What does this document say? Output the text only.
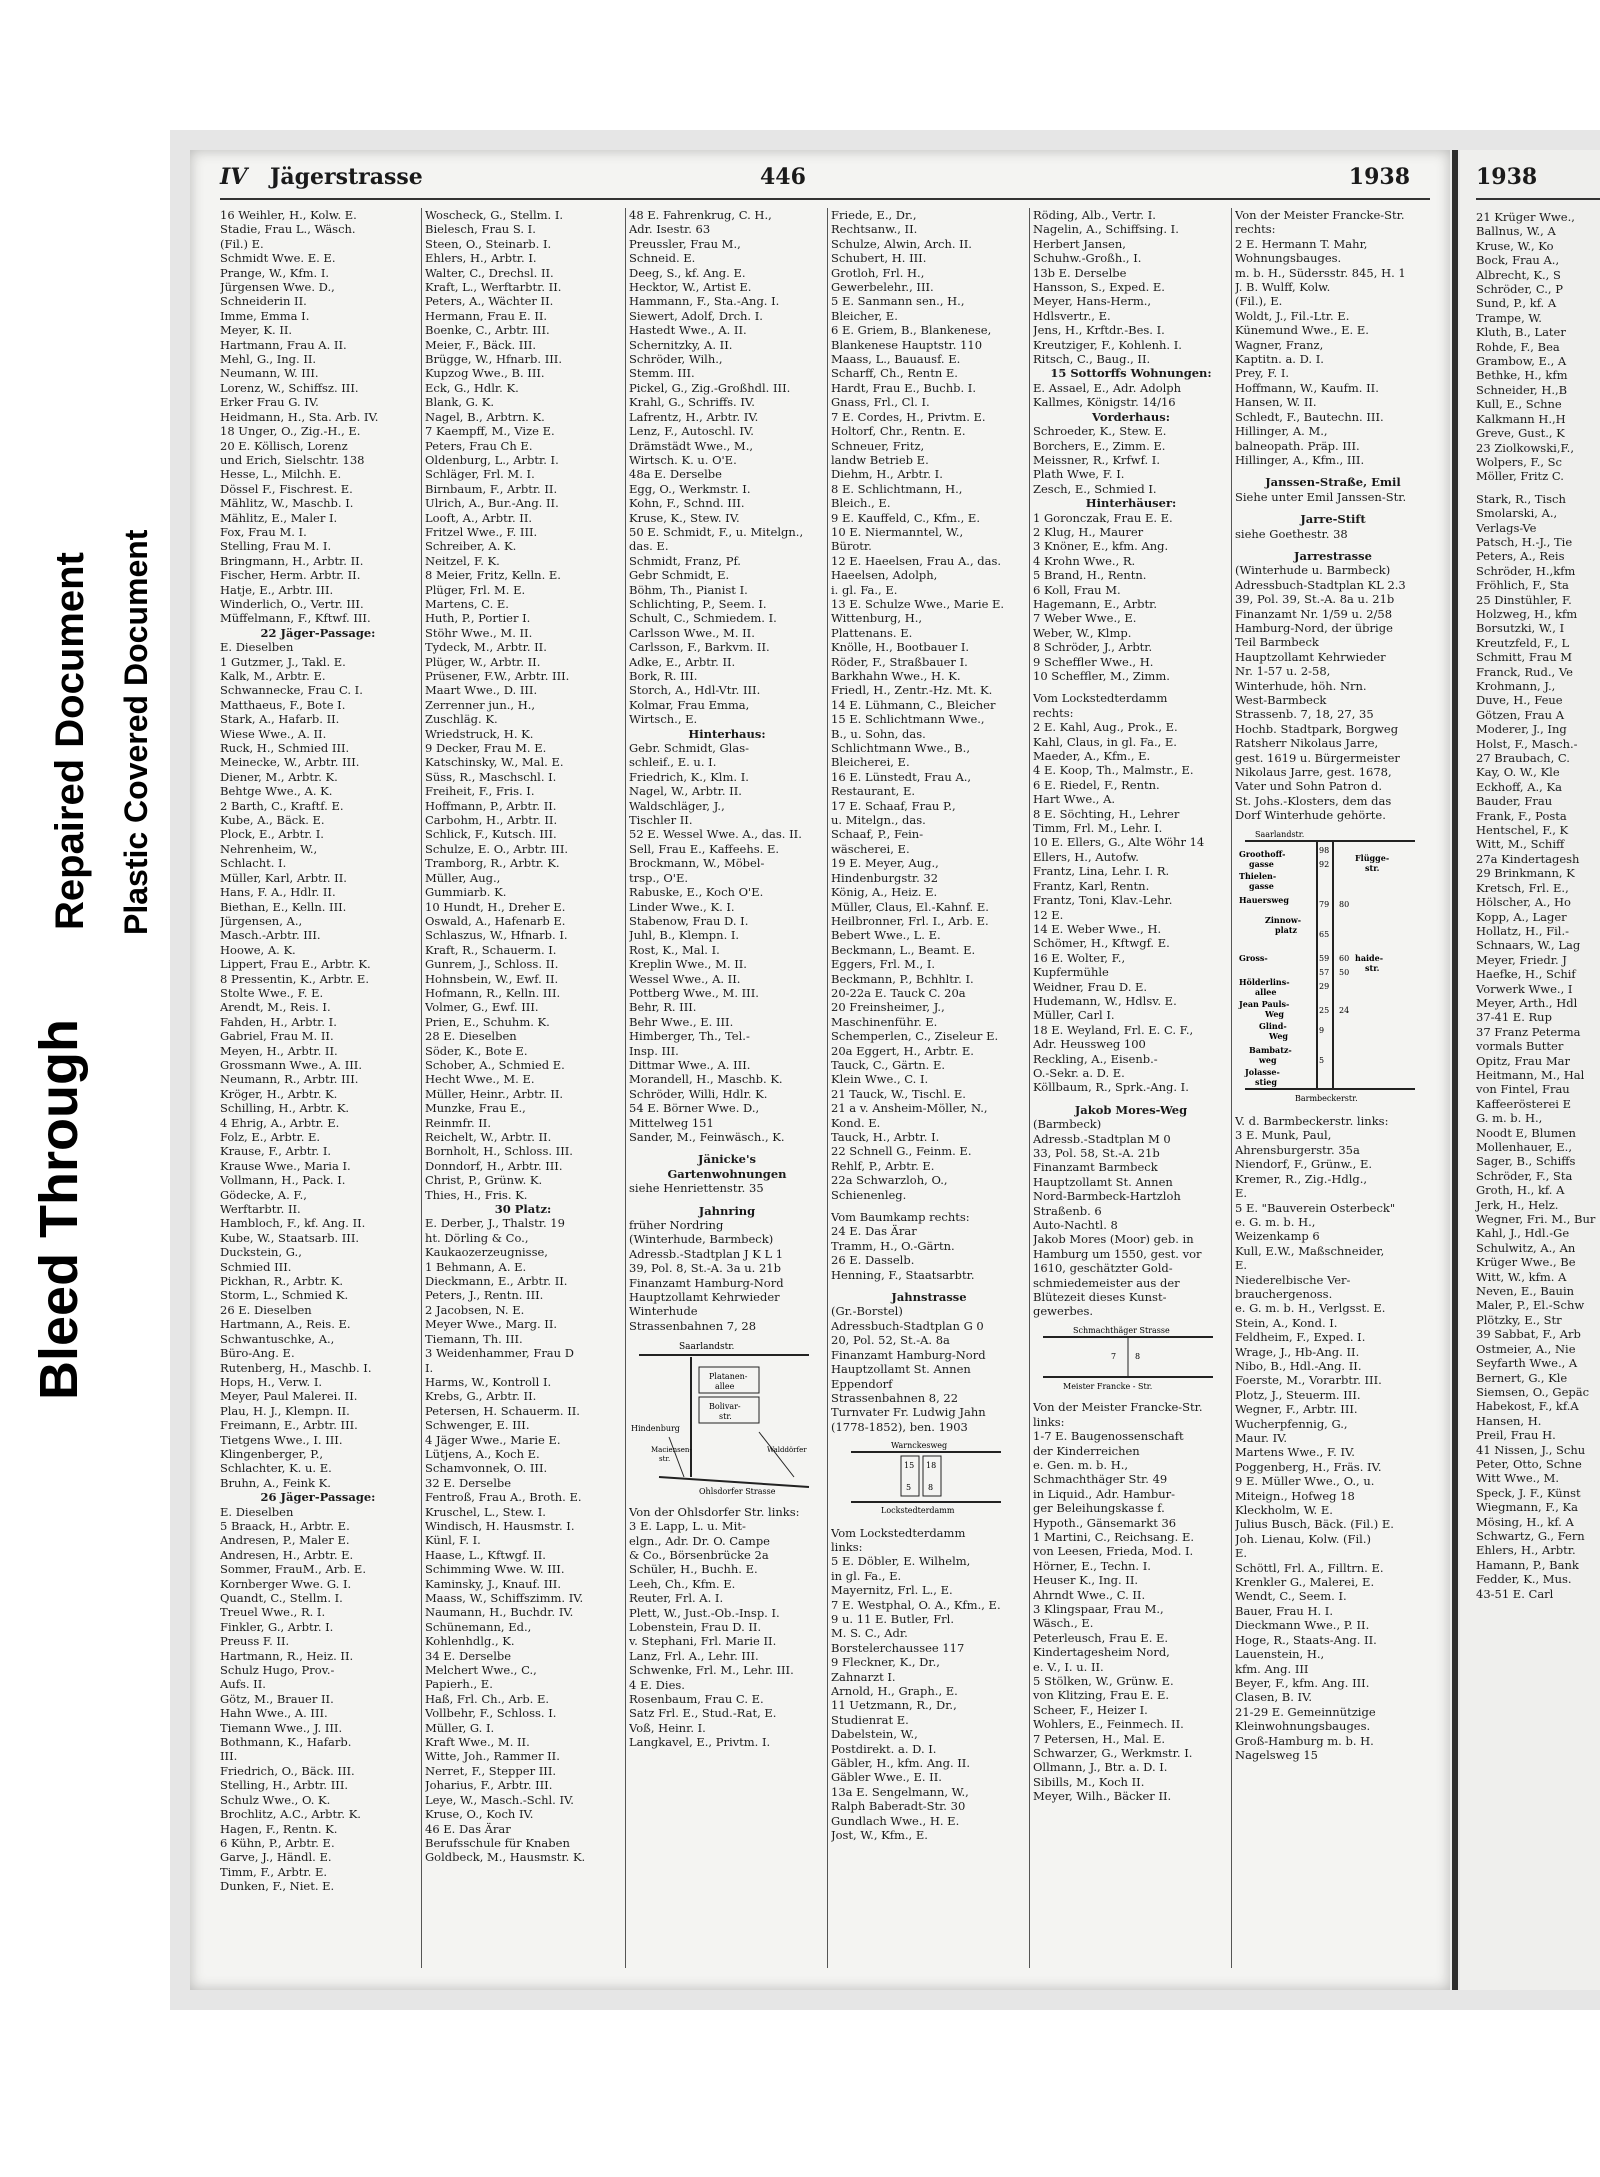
Bleed Through
Repaired Document Plastic Covered Document
IV Jägerstrasse	446	1938
16 Weihler, H., Kolw. E.
Stadie, Frau L., Wäsch.
(Fil.) E.
Schmidt Wwe. E. E.
Prange, W., Kfm. I.
Jürgensen Wwe. D.,
Schneiderin II.
Imme, Emma I.
Meyer, K. II.
Hartmann, Frau A. II.
Mehl, G., Ing. II.
Neumann, W. III.
Lorenz, W., Schiffsz. III.
Erker Frau G. IV.
Heidmann, H., Sta. Arb. IV.
18 Unger, O., Zig.-H., E.
20 E. Köllisch, Lorenz
und Erich, Sielschtr. 138
Hesse, L., Milchh. E.
Dössel F., Fischrest. E.
Mählitz, W., Maschb. I.
Mählitz, E., Maler I.
Fox, Frau M. I.
Stelling, Frau M. I.
Bringmann, H., Arbtr. II.
Fischer, Herm. Arbtr. II.
Hatje, E., Arbtr. III.
Winderlich, O., Vertr. III.
Müffelmann, F., Kftwf. III.
22 Jäger-Passage:
E. Dieselben
1 Gutzmer, J., Takl. E.
Kalk, M., Arbtr. E.
Schwannecke, Frau C. I.
Matthaeus, F., Bote I.
Stark, A., Hafarb. II.
Wiese Wwe., A. II.
Ruck, H., Schmied III.
Meinecke, W., Arbtr. III.
Diener, M., Arbtr. K.
Behtge Wwe., A. K.
2 Barth, C., Kraftf. E.
Kube, A., Bäck. E.
Plock, E., Arbtr. I.
Nehrenheim, W.,
Schlacht. I.
Müller, Karl, Arbtr. II.
Hans, F. A., Hdlr. II.
Biethan, E., Kelln. III.
Jürgensen, A.,
Masch.-Arbtr. III.
Hoowe, A. K.
Lippert, Frau E., Arbtr. K.
8 Pressentin, K., Arbtr. E.
Stolte Wwe., F. E.
Arendt, M., Reis. I.
Fahden, H., Arbtr. I.
Gabriel, Frau M. II.
Meyen, H., Arbtr. II.
Grossmann Wwe., A. III.
Neumann, R., Arbtr. III.
Kröger, H., Arbtr. K.
Schilling, H., Arbtr. K.
4 Ehrig, A., Arbtr. E.
Folz, E., Arbtr. E.
Krause, F., Arbtr. I.
Krause Wwe., Maria I.
Vollmann, H., Pack. I.
Gödecke, A. F.,
Werftarbtr. II.
Hambloch, F., kf. Ang. II.
Kube, W., Staatsarb. III.
Duckstein, G.,
Schmied III.
Pickhan, R., Arbtr. K.
Storm, L., Schmied K.
26 E. Dieselben
Hartmann, A., Reis. E.
Schwantuschke, A.,
Büro-Ang. E.
Rutenberg, H., Maschb. I.
Hops, H., Verw. I.
Meyer, Paul Malerei. II.
Plau, H. J., Klempn. II.
Freimann, E., Arbtr. III.
Tietgens Wwe., I. III.
Klingenberger, P.,
Schlachter, K. u. E.
Bruhn, A., Feink K.
26 Jäger-Passage:
E. Dieselben
5 Braack, H., Arbtr. E.
Andresen, P., Maler E.
Andresen, H., Arbtr. E.
Sommer, FrauM., Arb. E.
Kornberger Wwe. G. I.
Quandt, C., Stellm. I.
Treuel Wwe., R. I.
Finkler, G., Arbtr. I.
Preuss F. II.
Hartmann, R., Heiz. II.
Schulz Hugo, Prov.-
Aufs. II.
Götz, M., Brauer II.
Hahn Wwe., A. III.
Tiemann Wwe., J. III.
Bothmann, K., Hafarb.
III.
Friedrich, O., Bäck. III.
Stelling, H., Arbtr. III.
Schulz Wwe., O. K.
Brochlitz, A.C., Arbtr. K.
Hagen, F., Rentn. K.
6 Kühn, P., Arbtr. E.
Garve, J., Händl. E.
Timm, F., Arbtr. E.
Dunken, F., Niet. E.
Woscheck, G., Stellm. I.
Bielesch, Frau S. I.
Steen, O., Steinarb. I.
Ehlers, H., Arbtr. I.
Walter, C., Drechsl. II.
Kraft, L., Werftarbtr. II.
Peters, A., Wächter II.
Hermann, Frau E. II.
Boenke, C., Arbtr. III.
Meier, F., Bäck. III.
Brügge, W., Hfnarb. III.
Kupzog Wwe., B. III.
Eck, G., Hdlr. K.
Blank, G. K.
Nagel, B., Arbtrn. K.
7 Kaempff, M., Vize E.
Peters, Frau Ch E.
Oldenburg, L., Arbtr. I.
Schläger, Frl. M. I.
Birnbaum, F., Arbtr. II.
Ulrich, A., Bur.-Ang. II.
Looft, A., Arbtr. II.
Fritzel Wwe., F. III.
Schreiber, A. K.
Neitzel, F. K.
8 Meier, Fritz, Kelln. E.
Plüger, Frl. M. E.
Martens, C. E.
Huth, P., Portier I.
Stöhr Wwe., M. II.
Tydeck, M., Arbtr. II.
Plüger, W., Arbtr. II.
Prüsener, F.W., Arbtr. III.
Maart Wwe., D. III.
Zerrenner jun., H.,
Zuschläg. K.
Wriedstruck, H. K.
9 Decker, Frau M. E.
Katschinsky, W., Mal. E.
Süss, R., Maschschl. I.
Freiheit, F., Fris. I.
Hoffmann, P., Arbtr. II.
Carbohm, H., Arbtr. II.
Schlick, F., Kutsch. III.
Schulze, E. O., Arbtr. III.
Tramborg, R., Arbtr. K.
Müller, Aug.,
Gummiarb. K.
10 Hundt, H., Dreher E.
Oswald, A., Hafenarb E.
Schlaszus, W., Hfnarb. I.
Kraft, R., Schauerm. I.
Gunrem, J., Schloss. II.
Hohnsbein, W., Ewf. II.
Hofmann, R., Kelln. III.
Volmer, G., Ewf. III.
Prien, E., Schuhm. K.
28 E. Dieselben
Söder, K., Bote E.
Schober, A., Schmied E.
Hecht Wwe., M. E.
Müller, Heinr., Arbtr. II.
Munzke, Frau E.,
Reinmfr. II.
Reichelt, W., Arbtr. II.
Bornholt, H., Schloss. III.
Donndorf, H., Arbtr. III.
Christ, P., Grünw. K.
Thies, H., Fris. K.
30 Platz:
E. Derber, J., Thalstr. 19
ht. Dörling & Co.,
Kaukaozerzeugnisse,
1 Behmann, A. E.
Dieckmann, E., Arbtr. II.
Peters, J., Rentn. III.
2 Jacobsen, N. E.
Meyer Wwe., Marg. II.
Tiemann, Th. III.
3 Weidenhammer, Frau D
I.
Harms, W., Kontroll I.
Krebs, G., Arbtr. II.
Petersen, H. Schauerm. II.
Schwenger, E. III.
4 Jäger Wwe., Marie E.
Lütjens, A., Koch E.
Schamvonnek, O. III.
32 E. Derselbe
Fentroß, Frau A., Broth. E.
Kruschel, L., Stew. I.
Windisch, H. Hausmstr. I.
Künl, F. I.
Haase, L., Kftwgf. II.
Schimming Wwe. W. III.
Kaminsky, J., Knauf. III.
Maass, W., Schiffszimm. IV.
Naumann, H., Buchdr. IV.
Schünemann, Ed.,
Kohlenhdlg., K.
34 E. Derselbe
Melchert Wwe., C.,
Papierh., E.
Haß, Frl. Ch., Arb. E.
Vollbehr, F., Schloss. I.
Müller, G. I.
Kraft Wwe., M. II.
Witte, Joh., Rammer II.
Nerret, F., Stepper III.
Joharius, F., Arbtr. III.
Leye, W., Masch.-Schl. IV.
Kruse, O., Koch IV.
46 E. Das Ärar
Berufsschule für Knaben
Goldbeck, M., Hausmstr. K.
48 E. Fahrenkrug, C. H.,
Adr. Isestr. 63
Preussler, Frau M.,
Schneid. E.
Deeg, S., kf. Ang. E.
Hecktor, W., Artist E.
Hammann, F., Sta.-Ang. I.
Siewert, Adolf, Drch. I.
Hastedt Wwe., A. II.
Schernitzky, A. II.
Schröder, Wilh.,
Stemm. III.
Pickel, G., Zig.-Großhdl. III.
Krahl, G., Schriffs. IV.
Lafrentz, H., Arbtr. IV.
Lenz, F., Autoschl. IV.
Drämstädt Wwe., M.,
Wirtsch. K. u. O'E.
48a E. Derselbe
Egg, O., Werkmstr. I.
Kohn, F., Schnd. III.
Kruse, K., Stew. IV.
50 E. Schmidt, F., u. Mitelgn.,
das. E.
Schmidt, Franz, Pf.
Gebr Schmidt, E.
Böhm, Th., Pianist I.
Schlichting, P., Seem. I.
Schult, C., Schmiedem. I.
Carlsson Wwe., M. II.
Carlsson, F., Barkvm. II.
Adke, E., Arbtr. II.
Bork, R. III.
Storch, A., Hdl-Vtr. III.
Kolmar, Frau Emma,
Wirtsch., E.
Hinterhaus:
Gebr. Schmidt, Glas-
schleif., E. u. I.
Friedrich, K., Klm. I.
Nagel, W., Arbtr. II.
Waldschläger, J.,
Tischler II.
52 E. Wessel Wwe. A., das. II.
Sell, Frau E., Kaffeehs. E.
Brockmann, W., Möbel-
trsp., O'E.
Rabuske, E., Koch O'E.
Linder Wwe., K. I.
Stabenow, Frau D. I.
Juhl, B., Klempn. I.
Rost, K., Mal. I.
Kreplin Wwe., M. II.
Wessel Wwe., A. II.
Pottberg Wwe., M. III.
Behr, R. III.
Behr Wwe., E. III.
Himberger, Th., Tel.-
Insp. III.
Dittmar Wwe., A. III.
Morandell, H., Maschb. K.
Schröder, Willi, Hdlr. K.
54 E. Börner Wwe. D.,
Mittelweg 151
Sander, M., Feinwäsch., K.
Jänicke's
Gartenwohnungen
siehe Henriettenstr. 35
Jahnring
früher Nordring
(Winterhude, Barmbeck)
Adressb.-Stadtplan J K L 1
39, Pol. 8, St.-A. 3a u. 21b
Finanzamt Hamburg-Nord
Hauptzollamt Kehrwieder
Winterhude
Strassenbahnen 7, 28
Saarlandstr.
Platanen-
allee
Bolivar-
str.
Hindenburg
Ohlsdorfer Strasse
Maciensen-
str.
Walddörfer
Von der Ohlsdorfer Str. links:
3 E. Lapp, L. u. Mit-
elgn., Adr. Dr. O. Campe
& Co., Börsenbrücke 2a
Schüler, H., Buchh. E.
Leeh, Ch., Kfm. E.
Reuter, Frl. A. I.
Plett, W., Just.-Ob.-Insp. I.
Lobenstein, Frau D. II.
v. Stephani, Frl. Marie II.
Lanz, Frl. A., Lehr. III.
Schwenke, Frl. M., Lehr. III.
4 E. Dies.
Rosenbaum, Frau C. E.
Satz Frl. E., Stud.-Rat, E.
Voß, Heinr. I.
Langkavel, E., Privtm. I.
Friede, E., Dr.,
Rechtsanw., II.
Schulze, Alwin, Arch. II.
Schubert, H. III.
Grotloh, Frl. H.,
Gewerbelehr., III.
5 E. Sanmann sen., H.,
Bleicher, E.
6 E. Griem, B., Blankenese,
Blankenese Hauptstr. 110
Maass, L., Bauausf. E.
Scharff, Ch., Rentn E.
Hardt, Frau E., Buchb. I.
Gnass, Frl., Cl. I.
7 E. Cordes, H., Privtm. E.
Holtorf, Chr., Rentn. E.
Schneuer, Fritz,
landw Betrieb E.
Diehm, H., Arbtr. I.
8 E. Schlichtmann, H.,
Bleich., E.
9 E. Kauffeld, C., Kfm., E.
10 E. Niermanntel, W.,
Bürotr.
12 E. Haeelsen, Frau A., das.
Haeelsen, Adolph,
i. gl. Fa., E.
13 E. Schulze Wwe., Marie E.
Wittenburg, H.,
Plattenans. E.
Knölle, H., Bootbauer I.
Röder, F., Straßbauer I.
Barkhahn Wwe., H. K.
Friedl, H., Zentr.-Hz. Mt. K.
14 E. Lühmann, C., Bleicher
15 E. Schlichtmann Wwe.,
B., u. Sohn, das.
Schlichtmann Wwe., B.,
Bleicherei, E.
16 E. Lünstedt, Frau A.,
Restaurant, E.
17 E. Schaaf, Frau P.,
u. Mitelgn., das.
Schaaf, P., Fein-
wäscherei, E.
19 E. Meyer, Aug.,
Hindenburgstr. 32
König, A., Heiz. E.
Müller, Claus, El.-Kahnf. E.
Heilbronner, Frl. I., Arb. E.
Bebert Wwe., L. E.
Beckmann, L., Beamt. E.
Eggers, Frl. M., I.
Beckmann, P., Bchhltr. I.
20-22a E. Tauck C. 20a
20 Freinsheimer, J.,
Maschinenführ. E.
Schemperlen, C., Ziseleur E.
20a Eggert, H., Arbtr. E.
Tauck, C., Gärtn. E.
Klein Wwe., C. I.
21 Tauck, W., Tischl. E.
21 a v. Ansheim-Möller, N.,
Kond. E.
Tauck, H., Arbtr. I.
22 Schnell G., Feinm. E.
Rehlf, P., Arbtr. E.
22a Schwarzloh, O.,
Schienenleg.
Vom Baumkamp rechts:
24 E. Das Ärar
Tramm, H., O.-Gärtn.
26 E. Dasselb.
Henning, F., Staatsarbtr.
Jahnstrasse
(Gr.-Borstel)
Adressbuch-Stadtplan G 0
20, Pol. 52, St.-A. 8a
Finanzamt Hamburg-Nord
Hauptzollamt St. Annen
Eppendorf
Strassenbahnen 8, 22
Turnvater Fr. Ludwig Jahn
(1778-1852), ben. 1903
Warnckesweg
15 18
5 8
Lockstedterdamm
Vom Lockstedterdamm
links:
5 E. Döbler, E. Wilhelm,
in gl. Fa., E.
Mayernitz, Frl. L., E.
7 E. Westphal, O. A., Kfm., E.
9 u. 11 E. Butler, Frl.
M. S. C., Adr.
Borstelerchaussee 117
9 Fleckner, K., Dr.,
Zahnarzt I.
Arnold, H., Graph., E.
11 Uetzmann, R., Dr.,
Studienrat E.
Dabelstein, W.,
Postdirekt. a. D. I.
Gäbler, H., kfm. Ang. II.
Gäbler Wwe., E. II.
13a E. Sengelmann, W.,
Ralph Baberadt-Str. 30
Gundlach Wwe., H. E.
Jost, W., Kfm., E.
Röding, Alb., Vertr. I.
Nagelin, A., Schiffsing. I.
Herbert Jansen,
Schuhw.-Großh., I.
13b E. Derselbe
Hansson, S., Exped. E.
Meyer, Hans-Herm.,
Hdlsvertr., E.
Jens, H., Krftdr.-Bes. I.
Kreutziger, F., Kohlenh. I.
Ritsch, C., Baug., II.
15 Sottorffs Wohnungen:
E. Assael, E., Adr. Adolph
Kallmes, Königstr. 14/16
Vorderhaus:
Schroeder, K., Stew. E.
Borchers, E., Zimm. E.
Meissner, R., Krfwf. I.
Plath Wwe, F. I.
Zesch, E., Schmied I.
Hinterhäuser:
1 Goronczak, Frau E. E.
2 Klug, H., Maurer
3 Knöner, E., kfm. Ang.
4 Krohn Wwe., R.
5 Brand, H., Rentn.
6 Koll, Frau M.
Hagemann, E., Arbtr.
7 Weber Wwe., E.
Weber, W., Klmp.
8 Schröder, J., Arbtr.
9 Scheffler Wwe., H.
10 Scheffler, M., Zimm.
Vom Lockstedterdamm
rechts:
2 E. Kahl, Aug., Prok., E.
Kahl, Claus, in gl. Fa., E.
Maeder, A., Kfm., E.
4 E. Koop, Th., Malmstr., E.
6 E. Riedel, F., Rentn.
Hart Wwe., A.
8 E. Söchting, H., Lehrer
Timm, Frl. M., Lehr. I.
10 E. Ellers, G., Alte Wöhr 14
Ellers, H., Autofw.
Frantz, Lina, Lehr. I. R.
Frantz, Karl, Rentn.
Frantz, Toni, Klav.-Lehr.
12 E.
14 E. Weber Wwe., H.
Schömer, H., Kftwgf. E.
16 E. Wolter, F.,
Kupfermühle
Weidner, Frau D. E.
Hudemann, W., Hdlsv. E.
Müller, Carl I.
18 E. Weyland, Frl. E. C. F.,
Adr. Heussweg 100
Reckling, A., Eisenb.-
O.-Sekr. a. D. E.
Köllbaum, R., Sprk.-Ang. I.
Jakob Mores-Weg
(Barmbeck)
Adressb.-Stadtplan M 0
33, Pol. 58, St.-A. 21b
Finanzamt Barmbeck
Hauptzollamt St. Annen
Nord-Barmbeck-Hartzloh
Straßenb. 6
Auto-Nachtl. 8
Jakob Mores (Moor) geb. in
Hamburg um 1550, gest. vor
1610, geschätzter Gold-
schmiedemeister aus der
Blütezeit dieses Kunst-
gewerbes.
Schmachthäger Strasse
7 8
Meister Francke - Str.
Von der Meister Francke-Str.
links:
1-7 E. Baugenossenschaft
der Kinderreichen
e. Gen. m. b. H.,
Schmachthäger Str. 49
in Liquid., Adr. Hambur-
ger Beleihungskasse f.
Hypoth., Gänsemarkt 36
1 Martini, C., Reichsang. E.
von Leesen, Frieda, Mod. I.
Hörner, E., Techn. I.
Heuser K., Ing. II.
Ahrndt Wwe., C. II.
3 Klingspaar, Frau M.,
Wäsch., E.
Peterleusch, Frau E. E.
Kindertagesheim Nord,
e. V., I. u. II.
5 Stölken, W., Grünw. E.
von Klitzing, Frau E. E.
Scheer, F., Heizer I.
Wohlers, E., Feinmech. II.
7 Petersen, H., Mal. E.
Schwarzer, G., Werkmstr. I.
Ollmann, J., Btr. a. D. I.
Sibills, M., Koch II.
Meyer, Wilh., Bäcker II.
Von der Meister Francke-Str.
rechts:
2 E. Hermann T. Mahr,
Wohnungsbauges.
m. b. H., Südersstr. 845, H. 1
J. B. Wulff, Kolw.
(Fil.), E.
Woldt, J., Fil.-Ltr. E.
Künemund Wwe., E. E.
Wagner, Franz,
Kaptitn. a. D. I.
Prey, F. I.
Hoffmann, W., Kaufm. II.
Hansen, W. II.
Schledt, F., Bautechn. III.
Hillinger, A. M.,
balneopath. Präp. III.
Hillinger, A., Kfm., III.
Janssen-Straße, Emil
Siehe unter Emil Janssen-Str.
Jarre-Stift
siehe Goethestr. 38
Jarrestrasse
(Winterhude u. Barmbeck)
Adressbuch-Stadtplan KL 2.3
39, Pol. 39, St.-A. 8a u. 21b
Finanzamt Nr. 1/59 u. 2/58
Hamburg-Nord, der übrige
Teil Barmbeck
Hauptzollamt Kehrwieder
Nr. 1-57 u. 2-58,
Winterhude, höh. Nrn.
West-Barmbeck
Strassenb. 7, 18, 27, 35
Hochb. Stadtpark, Borgweg
Ratsherr Nikolaus Jarre,
gest. 1619 u. Bürgermeister
Nikolaus Jarre, gest. 1678,
Vater und Sohn Patron d.
St. Johs.-Klosters, dem das
Dorf Winterhude gehörte.
Saarlandstr.
98
92
80
79
65
59 60
57 50
29
25 24
9
5
Groothoff-
gasse
Thielen-
gasse
Hauersweg
Zinnow-
platz
Gross-
Hölderlins-
allee
Jean Pauls-
Weg
Glind-
Weg
Bambatz-
weg
Jolasse-
stieg
Flügge-
str.
haide-
str.
Barmbeckerstr.
V. d. Barmbeckerstr. links:
3 E. Munk, Paul,
Ahrensburgerstr. 35a
Niendorf, F., Grünw., E.
Kremer, R., Zig.-Hdlg.,
E.
5 E. "Bauverein Osterbeck"
e. G. m. b. H.,
Weizenkamp 6
Kull, E.W., Maßschneider,
E.
Niederelbische Ver-
brauchergenoss.
e. G. m. b. H., Verlgsst. E.
Stein, A., Kond. I.
Feldheim, F., Exped. I.
Wrage, J., Hb-Ang. II.
Nibo, B., Hdl.-Ang. II.
Foerste, M., Vorarbtr. III.
Plotz, J., Steuerm. III.
Wegner, F., Arbtr. III.
Wucherpfennig, G.,
Maur. IV.
Martens Wwe., F. IV.
Poggenberg, H., Fräs. IV.
9 E. Müller Wwe., O., u.
Miteign., Hofweg 18
Kleckholm, W. E.
Julius Busch, Bäck. (Fil.) E.
Joh. Lienau, Kolw. (Fil.)
E.
Schöttl, Frl. A., Filltrn. E.
Krenkler G., Malerei, E.
Wendt, C., Seem. I.
Bauer, Frau H. I.
Dieckmann Wwe., P. II.
Hoge, R., Staats-Ang. II.
Lauenstein, H.,
kfm. Ang. III
Beyer, F., kfm. Ang. III.
Clasen, B. IV.
21-29 E. Gemeinnützige
Kleinwohnungsbauges.
Groß-Hamburg m. b. H.
Nagelsweg 15
1938
21 Krüger Wwe.,
Ballnus, W., A
Kruse, W., Ko
Bock, Frau A.,
Albrecht, K., S
Schröder, C., P
Sund, P., kf. A
Trampe, W.
Kluth, B., Later
Rohde, F., Bea
Grambow, E., A
Bethke, H., kfm
Schneider, H.,B
Kull, E., Schne
Kalkmann H.,H
Greve, Gust., K
23 Ziolkowski,F.,
Wolpers, F., Sc
Möller, Fritz C.
Stark, R., Tisch
Smolarski, A.,
Verlags-Ve
Patsch, H.-J., Tie
Peters, A., Reis
Schröder, H.,kfm
Fröhlich, F., Sta
25 Dinstühler, F.
Holzweg, H., kfm
Borsutzki, W., I
Kreutzfeld, F., L
Schmitt, Frau M
Franck, Rud., Ve
Krohmann, J.,
Duve, H., Feue
Götzen, Frau A
Moderer, J., Ing
Holst, F., Masch.-
27 Braubach, C.
Kay, O. W., Kle
Eckhoff, A., Ka
Bauder, Frau
Frank, F., Posta
Hentschel, F., K
Witt, M., Schiff
27a Kindertagesh
29 Brinkmann, K
Kretsch, Frl. E.,
Hölscher, A., Ho
Kopp, A., Lager
Hollatz, H., Fil.-
Schnaars, W., Lag
Meyer, Friedr. J
Haefke, H., Schif
Vorwerk Wwe., I
Meyer, Arth., Hdl
37-41 E. Rup
37 Franz Peterma
vormals Butter
Opitz, Frau Mar
Heitmann, M., Hal
von Fintel, Frau
Kaffeerösterei E
G. m. b. H.,
Noodt E, Blumen
Mollenhauer, E.,
Sager, B., Schiffs
Schröder, F., Sta
Groth, H., kf. A
Jerk, H., Helz.
Wegner, Fri. M., Bur
Kahl, J., Hdl.-Ge
Schulwitz, A., An
Krüger Wwe., Be
Witt, W., kfm. A
Neven, E., Bauin
Maler, P., El.-Schw
Plötzky, E., Str
39 Sabbat, F., Arb
Ostmeier, A., Nie
Seyfarth Wwe., A
Bernert, G., Kle
Siemsen, O., Gepäc
Habekost, F., kf.A
Hansen, H.
Preil, Frau H.
41 Nissen, J., Schu
Peter, Otto, Schne
Witt Wwe., M.
Speck, J. F., Künst
Wiegmann, F., Ka
Mösing, H., kf. A
Schwartz, G., Fern
Ehlers, H., Arbtr.
Hamann, P., Bank
Fedder, K., Mus.
43-51 E. Carl
